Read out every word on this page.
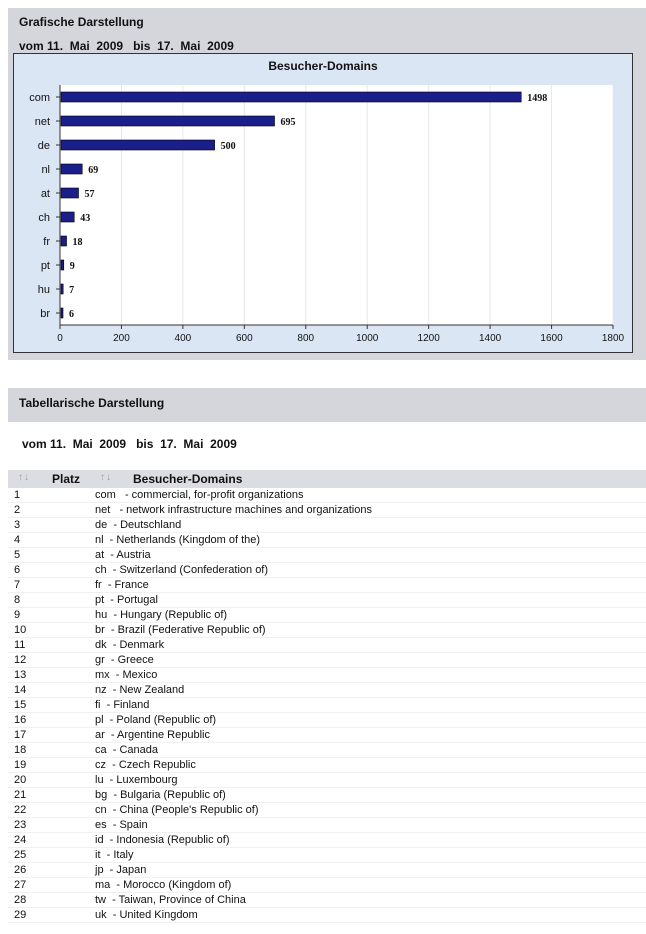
Grafische Darstellung
vom 11.  Mai  2009   bis  17.  Mai  2009
Besucher-Domains
0	200	400	600	800	1000	1200	1400	1600	1800
com	1498
net	695
de	500
nl	69
at	57
ch	43
fr 18
pt 9
hu 7
br 6
Tabellarische Darstellung
vom 11.  Mai  2009   bis  17.  Mai  2009
↑↓ Platz ↑↓ Besucher-Domains
1	com   - commercial, for-profit organizations
2	net   - network infrastructure machines and organizations
3	de  - Deutschland
4	nl  - Netherlands (Kingdom of the)
5	at  - Austria
6	ch  - Switzerland (Confederation of)
7	fr  - France
8	pt  - Portugal
9	hu  - Hungary (Republic of)
10	br  - Brazil (Federative Republic of)
11	dk  - Denmark
12	gr  - Greece
13	mx  - Mexico
14	nz  - New Zealand
15	fi  - Finland
16	pl  - Poland (Republic of)
17	ar  - Argentine Republic
18	ca  - Canada
19	cz  - Czech Republic
20	lu  - Luxembourg
21	bg  - Bulgaria (Republic of)
22	cn  - China (People's Republic of)
23	es  - Spain
24	id  - Indonesia (Republic of)
25	it  - Italy
26	jp  - Japan
27	ma  - Morocco (Kingdom of)
28	tw  - Taiwan, Province of China
29	uk  - United Kingdom
